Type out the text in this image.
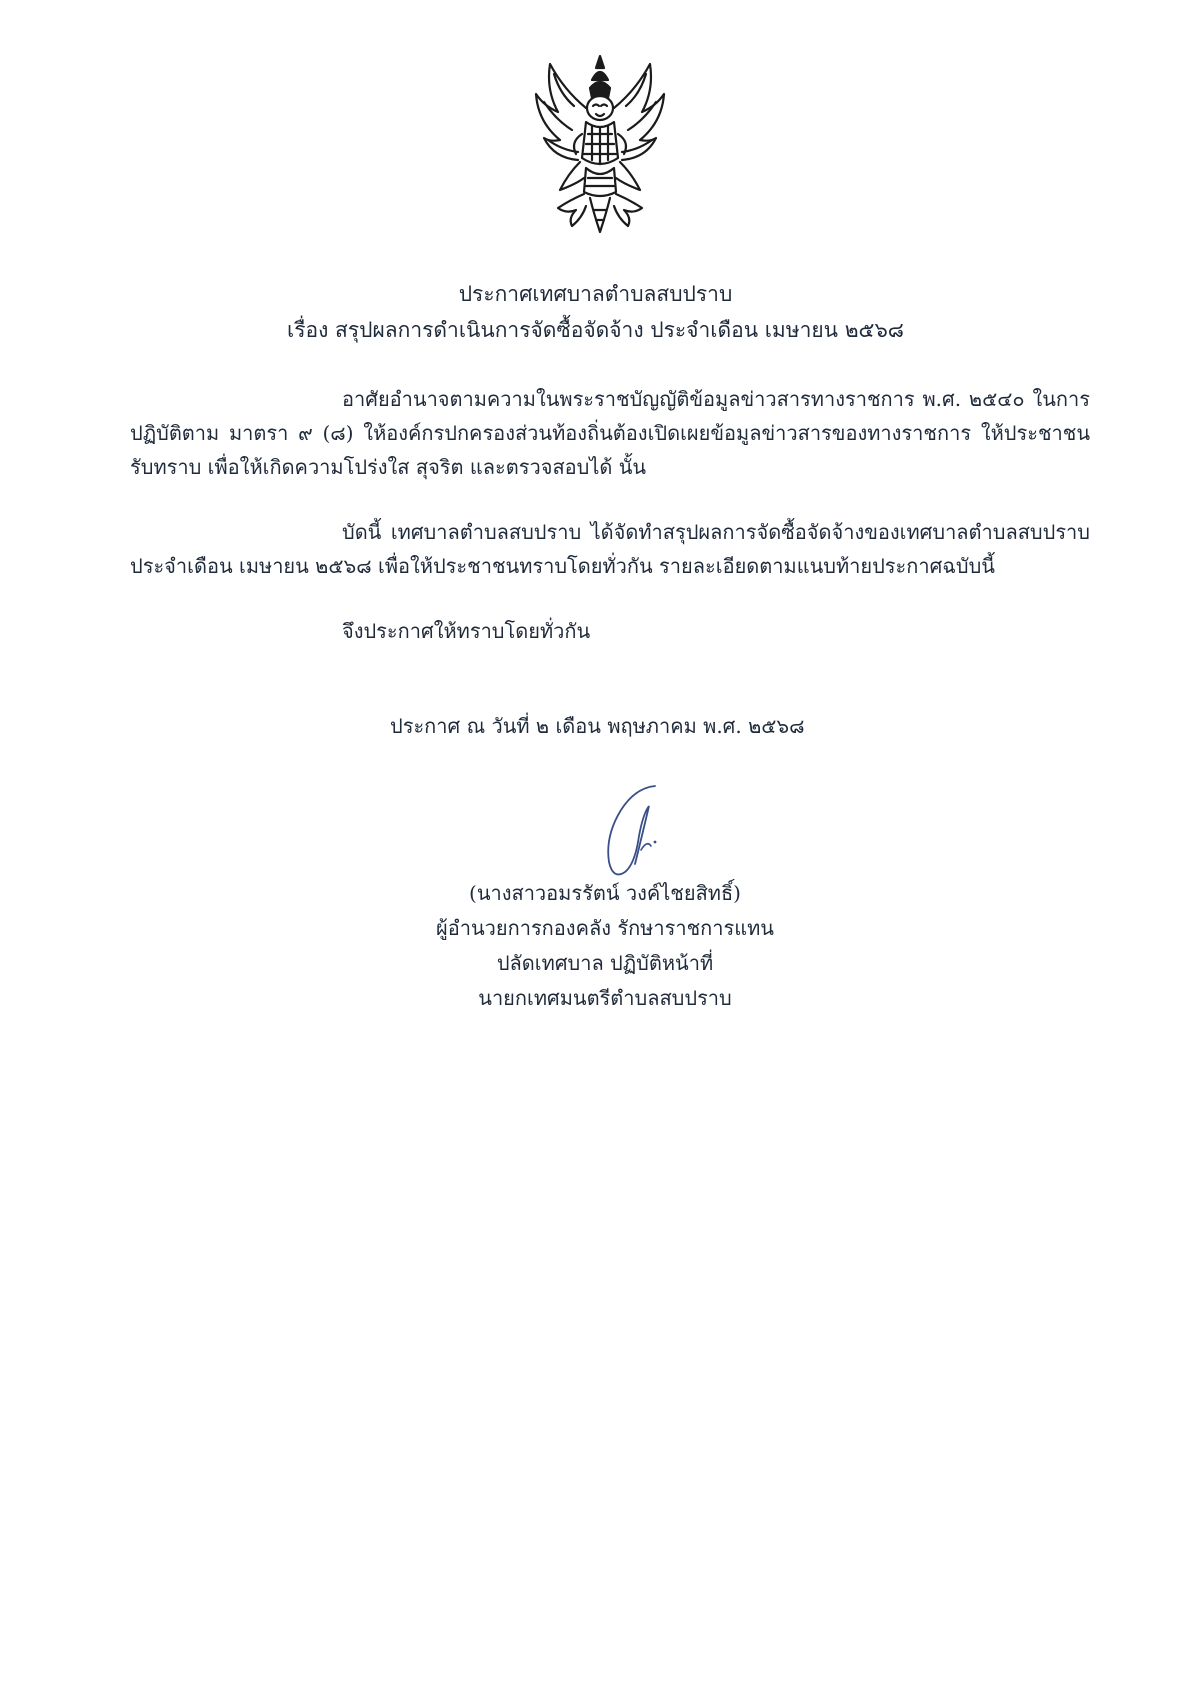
ประกาศเทศบาลตำบลสบปราบ
เรื่อง สรุปผลการดำเนินการจัดซื้อจัดจ้าง ประจำเดือน เมษายน ๒๕๖๘
อาศัยอำนาจตามความในพระราชบัญญัติข้อมูลข่าวสารทางราชการ พ.ศ. ๒๕๔๐ ในการ
ปฏิบัติตาม มาตรา ๙ (๘) ให้องค์กรปกครองส่วนท้องถิ่นต้องเปิดเผยข้อมูลข่าวสารของทางราชการ ให้ประชาชน
รับทราบ เพื่อให้เกิดความโปร่งใส สุจริต และตรวจสอบได้ นั้น
บัดนี้ เทศบาลตำบลสบปราบ ได้จัดทำสรุปผลการจัดซื้อจัดจ้างของเทศบาลตำบลสบปราบ
ประจำเดือน เมษายน ๒๕๖๘ เพื่อให้ประชาชนทราบโดยทั่วกัน รายละเอียดตามแนบท้ายประกาศฉบับนี้
จึงประกาศให้ทราบโดยทั่วกัน
ประกาศ ณ วันที่ ๒ เดือน พฤษภาคม พ.ศ. ๒๕๖๘
(นางสาวอมรรัตน์ วงค์ไชยสิทธิ์)
ผู้อำนวยการกองคลัง รักษาราชการแทน
ปลัดเทศบาล ปฏิบัติหน้าที่
นายกเทศมนตรีตำบลสบปราบ
